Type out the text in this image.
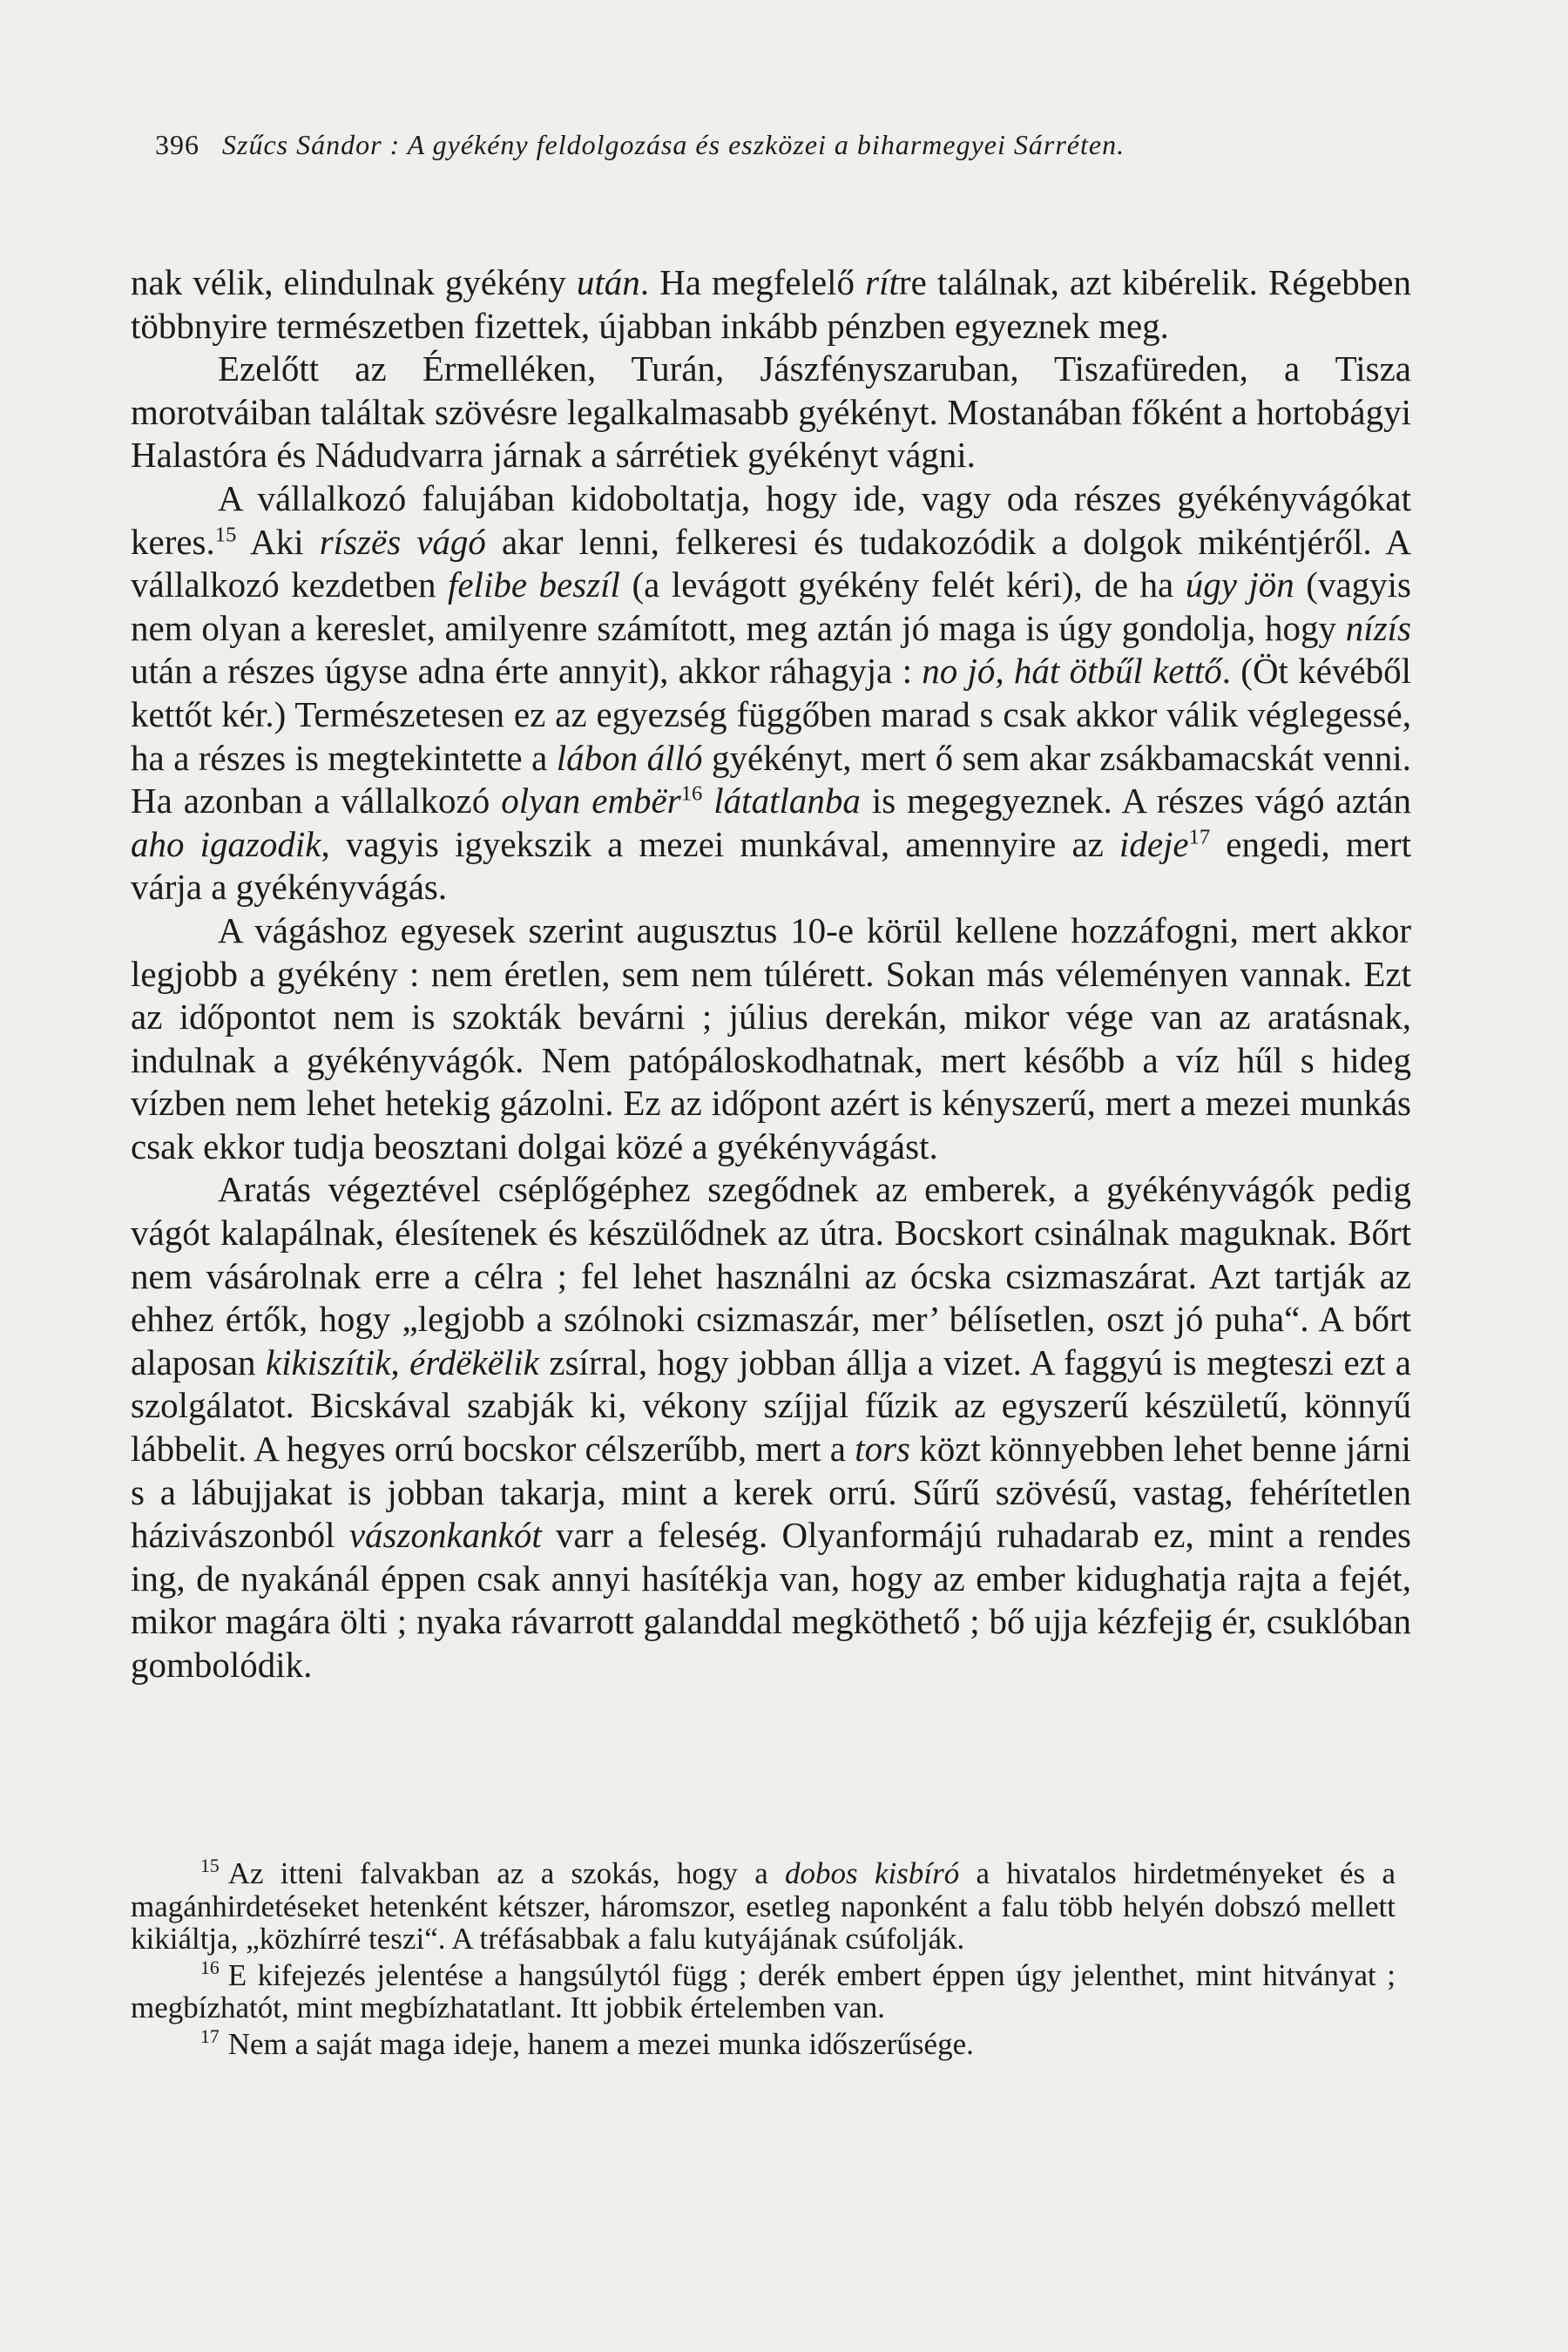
396 Szűcs Sándor : A gyékény feldolgozása és eszközei a biharmegyei Sárréten.

nak vélik, elindulnak gyékény után. Ha megfelelő rítre találnak, azt kibérelik. Régebben többnyire természetben fizettek, újabban inkább pénzben egyeznek meg.

Ezelőtt az Érmelléken, Turán, Jászfényszaruban, Tiszafüreden, a Tisza morotváiban találtak szövésre legalkalmasabb gyékényt. Mostanában főként a hortobágyi Halastóra és Nádudvarra járnak a sárrétiek gyékényt vágni.

A vállalkozó falujában kidoboltatja, hogy ide, vagy oda részes gyékényvágókat keres.$^{15}$ Aki ríszës vágó akar lenni, felkeresi és tudakozódik a dolgok mikéntjéről. A vállalkozó kezdetben felibe beszíl (a levágott gyékény felét kéri), de ha úgy jön (vagyis nem olyan a kereslet, amilyenre számított, meg aztán jó maga is úgy gondolja, hogy nízís után a részes úgyse adna érte annyit), akkor ráhagyja : no jó, hát ötbűl kettő. (Öt kévéből kettőt kér.) Természetesen ez az egyezség függőben marad s csak akkor válik véglegessé, ha a részes is megtekintette a lábon álló gyékényt, mert ő sem akar zsákbamacskát venni. Ha azonban a vállalkozó olyan embër$^{16}$ látatlanba is megegyeznek. A részes vágó aztán aho igazodik, vagyis igyekszik a mezei munkával, amennyire az ideje$^{17}$ engedi, mert várja a gyékényvágás.

A vágáshoz egyesek szerint augusztus 10-e körül kellene hozzáfogni, mert akkor legjobb a gyékény : nem éretlen, sem nem túlérett. Sokan más véleményen vannak. Ezt az időpontot nem is szokták bevárni ; július derekán, mikor vége van az aratásnak, indulnak a gyékényvágók. Nem patópáloskodhatnak, mert később a víz hűl s hideg vízben nem lehet hetekig gázolni. Ez az időpont azért is kényszerű, mert a mezei munkás csak ekkor tudja beosztani dolgai közé a gyékényvágást.

Aratás végeztével cséplőgéphez szegődnek az emberek, a gyékényvágók pedig vágót kalapálnak, élesítenek és készülődnek az útra. Bocskort csinálnak maguknak. Bőrt nem vásárolnak erre a célra ; fel lehet használni az ócska csizmaszárat. Azt tartják az ehhez értők, hogy „legjobb a szólnoki csizmaszár, mer’ bélísetlen, oszt jó puha“. A bőrt alaposan kikiszítik, érdëkëlik zsírral, hogy jobban állja a vizet. A faggyú is megteszi ezt a szolgálatot. Bicskával szabják ki, vékony szíjjal fűzik az egyszerű készületű, könnyű lábbelit. A hegyes orrú bocskor célszerűbb, mert a tors közt könnyebben lehet benne járni s a lábujjakat is jobban takarja, mint a kerek orrú. Sűrű szövésű, vastag, fehérítetlen házivászonból vászonkankót varr a feleség. Olyanformájú ruhadarab ez, mint a rendes ing, de nyakánál éppen csak annyi hasítékja van, hogy az ember kidughatja rajta a fejét, mikor magára ölti ; nyaka rávarrott galanddal megköthető ; bő ujja kézfejig ér, csuklóban gombolódik.

$^{15}$ Az itteni falvakban az a szokás, hogy a dobos kisbíró a hivatalos hirdetményeket és a magánhirdetéseket hetenként kétszer, háromszor, esetleg naponként a falu több helyén dobszó mellett kikiáltja, „közhírré teszi“. A tréfásabbak a falu kutyájának csúfolják.

$^{16}$ E kifejezés jelentése a hangsúlytól függ ; derék embert éppen úgy jelenthet, mint hitványat ; megbízhatót, mint megbízhatatlant. Itt jobbik értelemben van.

$^{17}$ Nem a saját maga ideje, hanem a mezei munka időszerűsége.
